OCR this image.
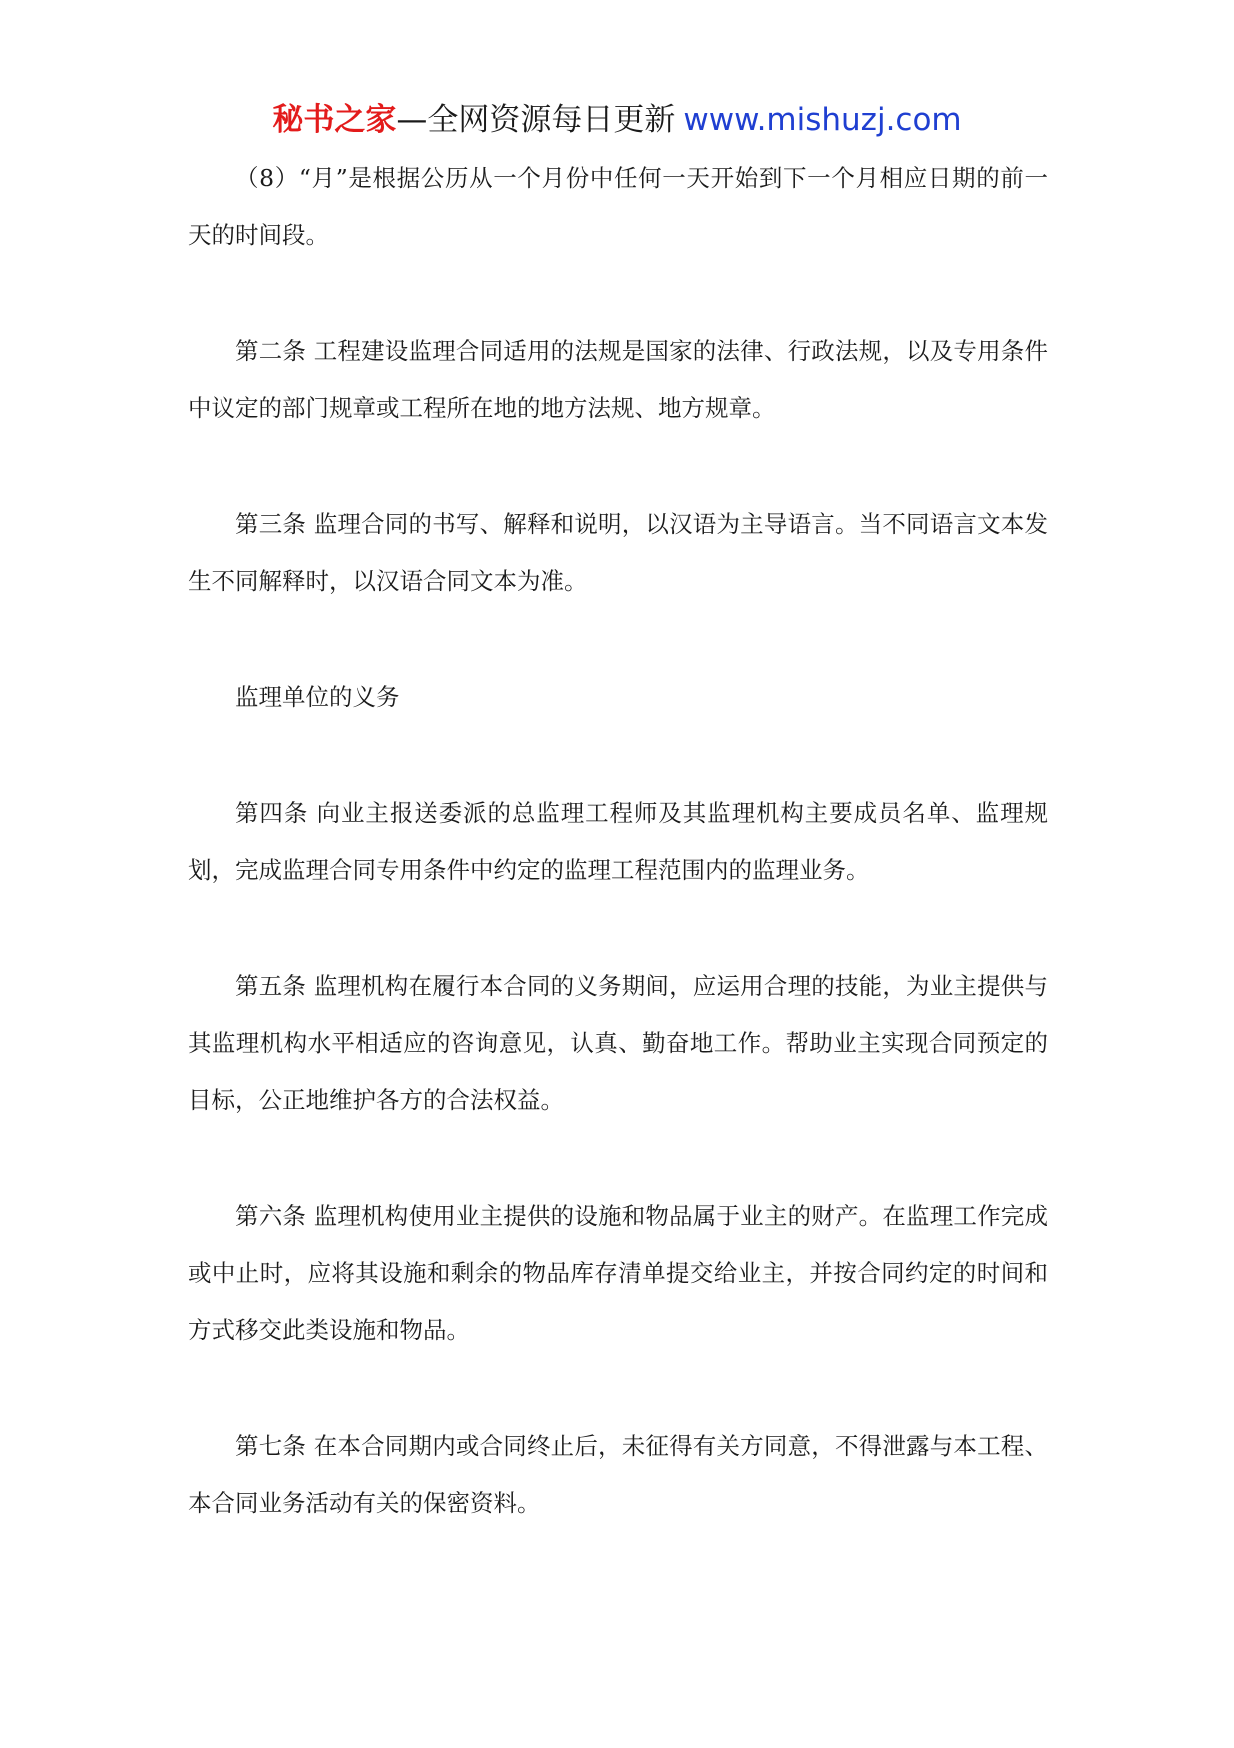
秘书之家—全网资源每日更新 www.mishuzj.com

（8）“月”是根据公历从一个月份中任何一天开始到下一个月相应日期的前一天的时间段。

第二条 工程建设监理合同适用的法规是国家的法律、行政法规，以及专用条件中议定的部门规章或工程所在地的地方法规、地方规章。

第三条 监理合同的书写、解释和说明，以汉语为主导语言。当不同语言文本发生不同解释时，以汉语合同文本为准。

监理单位的义务

第四条 向业主报送委派的总监理工程师及其监理机构主要成员名单、监理规划，完成监理合同专用条件中约定的监理工程范围内的监理业务。

第五条 监理机构在履行本合同的义务期间，应运用合理的技能，为业主提供与其监理机构水平相适应的咨询意见，认真、勤奋地工作。帮助业主实现合同预定的目标，公正地维护各方的合法权益。

第六条 监理机构使用业主提供的设施和物品属于业主的财产。在监理工作完成或中止时，应将其设施和剩余的物品库存清单提交给业主，并按合同约定的时间和方式移交此类设施和物品。

第七条 在本合同期内或合同终止后，未征得有关方同意，不得泄露与本工程、本合同业务活动有关的保密资料。
